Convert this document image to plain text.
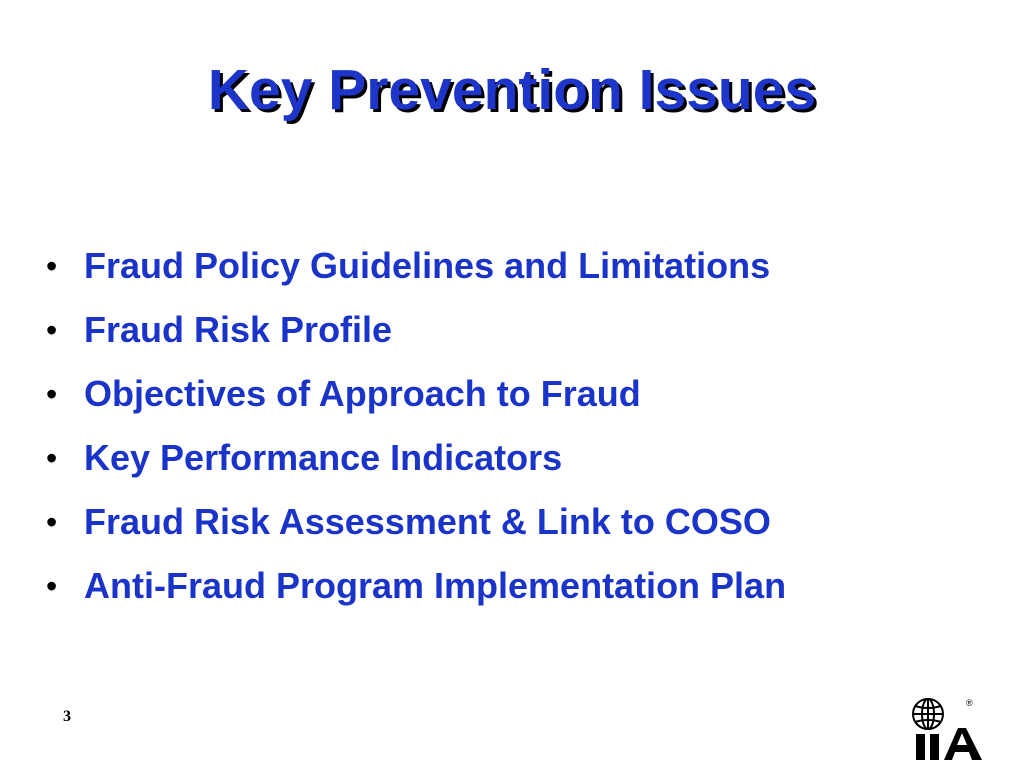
Key Prevention Issues
• Fraud Policy Guidelines and Limitations
• Fraud Risk Profile
• Objectives of Approach to Fraud
• Key Performance Indicators
• Fraud Risk Assessment & Link to COSO
• Anti-Fraud Program Implementation Plan
3
®
